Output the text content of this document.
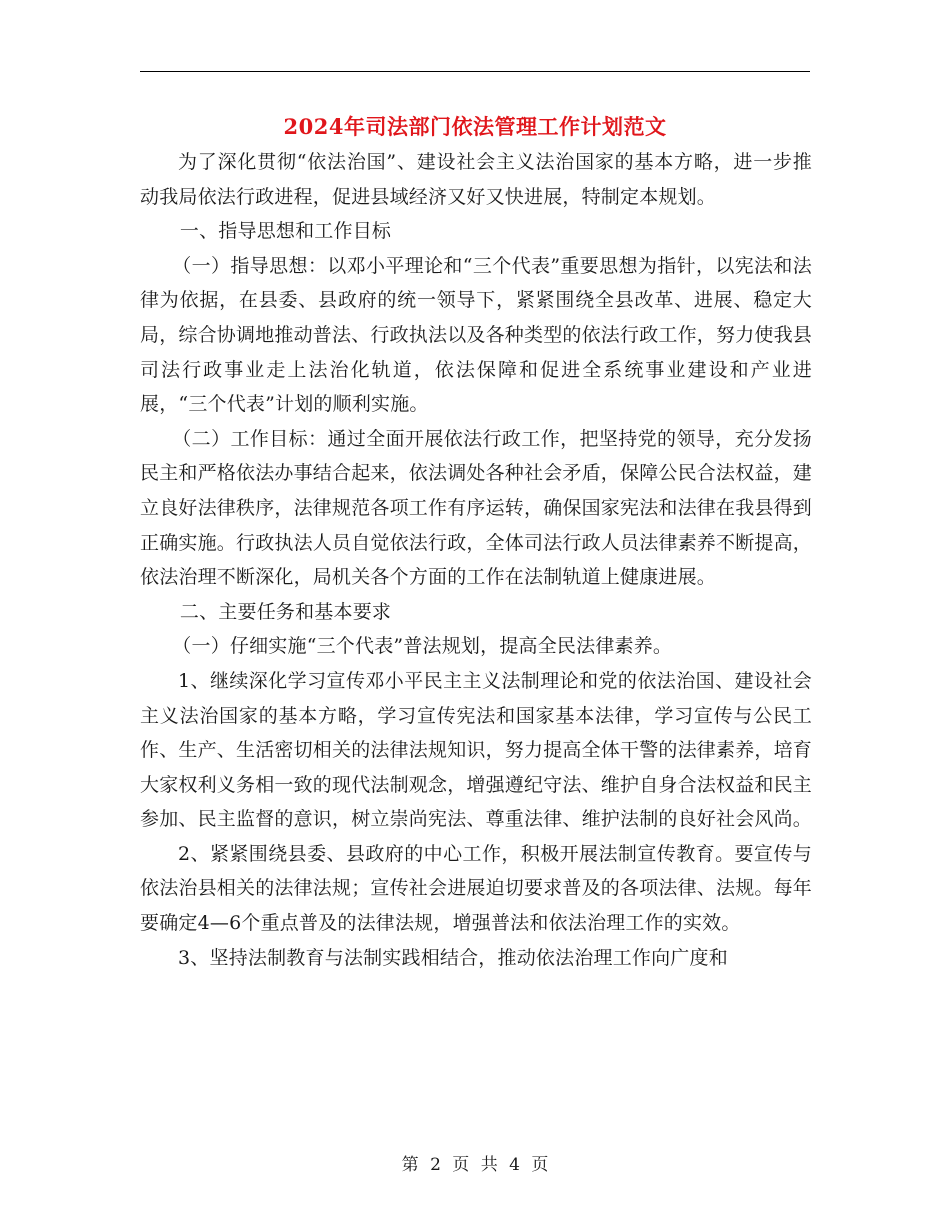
2024年司法部门依法管理工作计划范文

为了深化贯彻“依法治国”、建设社会主义法治国家的基本方略，进一步推动我局依法行政进程，促进县域经济又好又快进展，特制定本规划。

一、指导思想和工作目标

（一）指导思想：以邓小平理论和“三个代表”重要思想为指针，以宪法和法律为依据，在县委、县政府的统一领导下，紧紧围绕全县改革、进展、稳定大局，综合协调地推动普法、行政执法以及各种类型的依法行政工作，努力使我县司法行政事业走上法治化轨道，依法保障和促进全系统事业建设和产业进展，“三个代表”计划的顺利实施。

（二）工作目标：通过全面开展依法行政工作，把坚持党的领导，充分发扬民主和严格依法办事结合起来，依法调处各种社会矛盾，保障公民合法权益，建立良好法律秩序，法律规范各项工作有序运转，确保国家宪法和法律在我县得到正确实施。行政执法人员自觉依法行政，全体司法行政人员法律素养不断提高，依法治理不断深化，局机关各个方面的工作在法制轨道上健康进展。

二、主要任务和基本要求

（一）仔细实施“三个代表”普法规划，提高全民法律素养。

1、继续深化学习宣传邓小平民主主义法制理论和党的依法治国、建设社会主义法治国家的基本方略，学习宣传宪法和国家基本法律，学习宣传与公民工作、生产、生活密切相关的法律法规知识，努力提高全体干警的法律素养，培育大家权利义务相一致的现代法制观念，增强遵纪守法、维护自身合法权益和民主参加、民主监督的意识，树立崇尚宪法、尊重法律、维护法制的良好社会风尚。

2、紧紧围绕县委、县政府的中心工作，积极开展法制宣传教育。要宣传与依法治县相关的法律法规；宣传社会进展迫切要求普及的各项法律、法规。每年要确定4—6个重点普及的法律法规，增强普法和依法治理工作的实效。

3、坚持法制教育与法制实践相结合，推动依法治理工作向广度和

第 2 页 共 4 页
